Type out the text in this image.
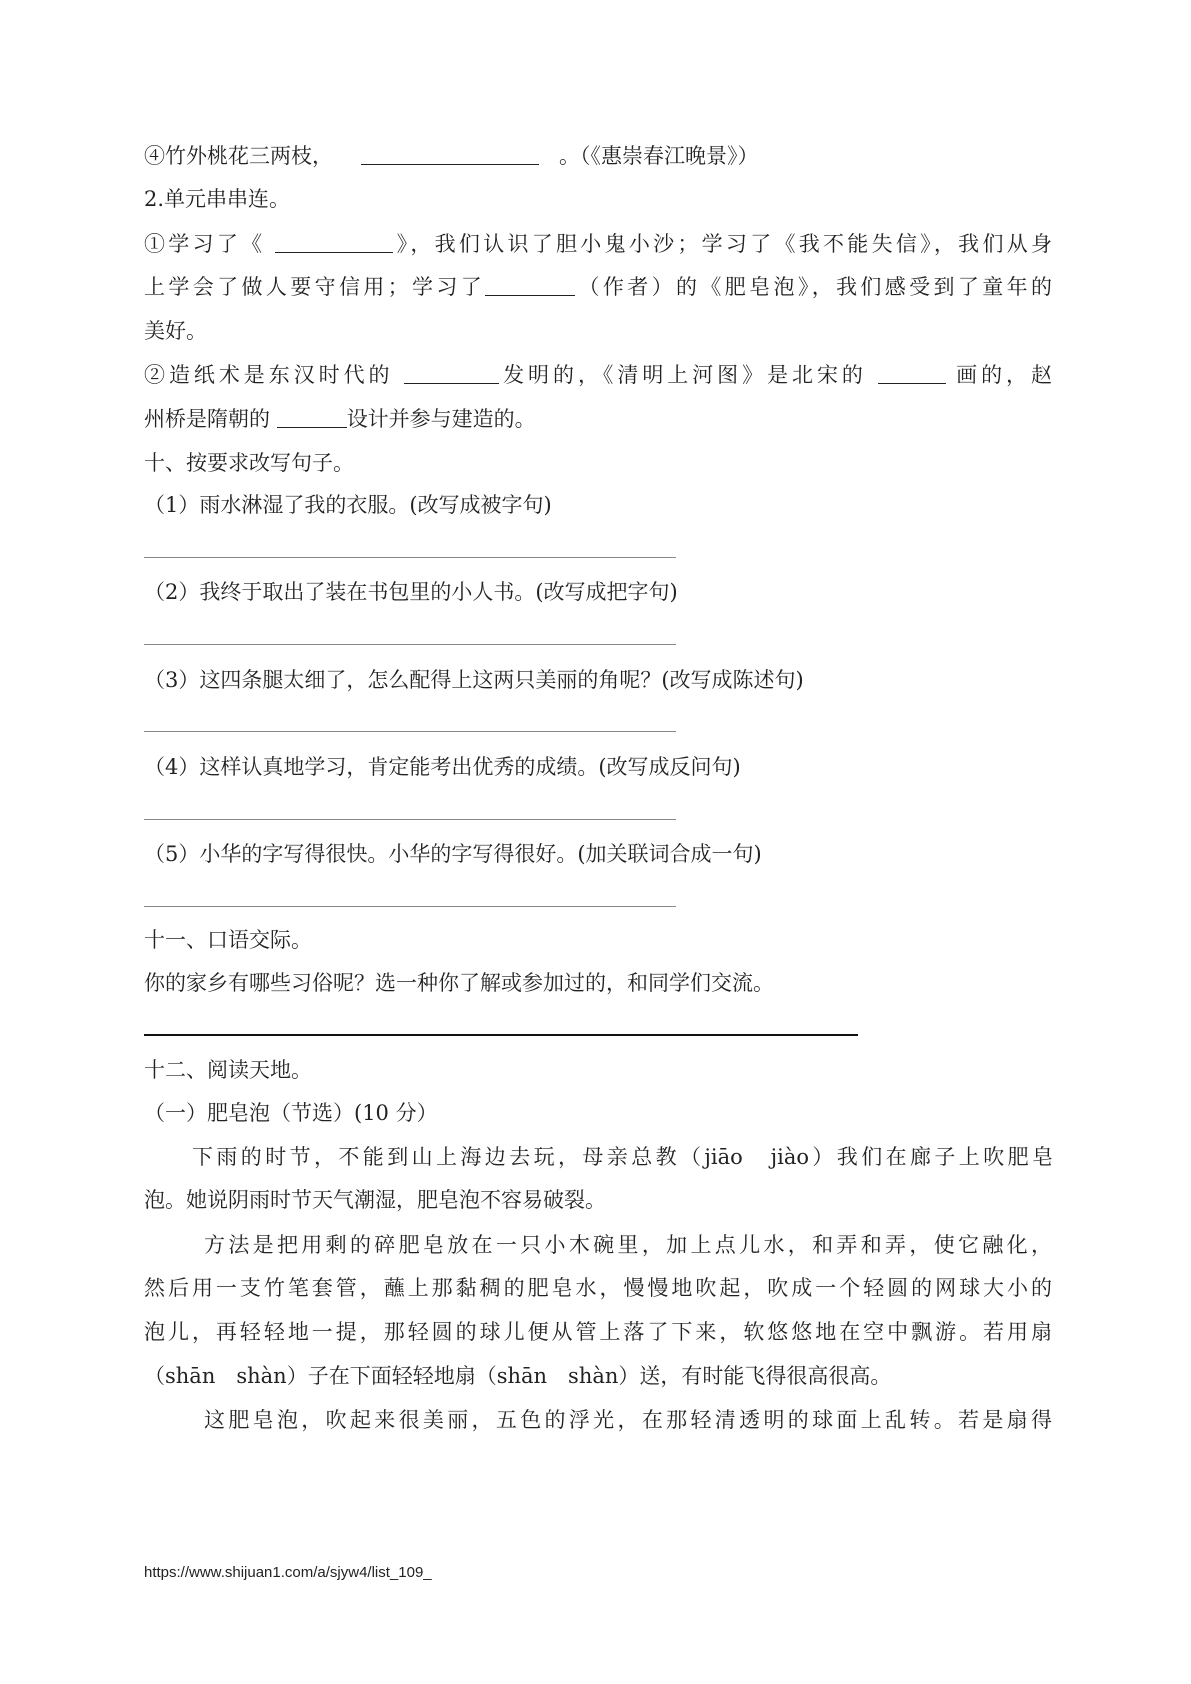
④竹外桃花三两枝，	。（《惠崇春江晚景》）
2.单元串串连。
①学习了《	》，我们认识了胆小鬼小沙；学习了《我不能失信》，我们从身
上学会了做人要守信用；学习了	（作者）的《肥皂泡》，我们感受到了童年的
美好。
②造纸术是东汉时代的	发明的，《清明上河图》是北宋的	画的，赵
州桥是隋朝的	设计并参与建造的。
十、按要求改写句子。
（1）雨水淋湿了我的衣服。(改写成被字句)
（2）我终于取出了装在书包里的小人书。(改写成把字句)
（3）这四条腿太细了，怎么配得上这两只美丽的角呢？(改写成陈述句)
（4）这样认真地学习，肯定能考出优秀的成绩。(改写成反问句)
（5）小华的字写得很快。小华的字写得很好。(加关联词合成一句)
十一、口语交际。
你的家乡有哪些习俗呢？选一种你了解或参加过的，和同学们交流。
十二、阅读天地。
（一）肥皂泡（节选）(10 分）
下雨的时节，不能到山上海边去玩，母亲总教（jiāo　jiào）我们在廊子上吹肥皂
泡。她说阴雨时节天气潮湿，肥皂泡不容易破裂。
方法是把用剩的碎肥皂放在一只小木碗里，加上点儿水，和弄和弄，使它融化，
然后用一支竹笔套管，蘸上那黏稠的肥皂水，慢慢地吹起，吹成一个轻圆的网球大小的
泡儿，再轻轻地一提，那轻圆的球儿便从管上落了下来，软悠悠地在空中飘游。若用扇
（shān　shàn）子在下面轻轻地扇（shān　shàn）送，有时能飞得很高很高。
这肥皂泡，吹起来很美丽，五色的浮光，在那轻清透明的球面上乱转。若是扇得
https://www.shijuan1.com/a/sjyw4/list_109_
